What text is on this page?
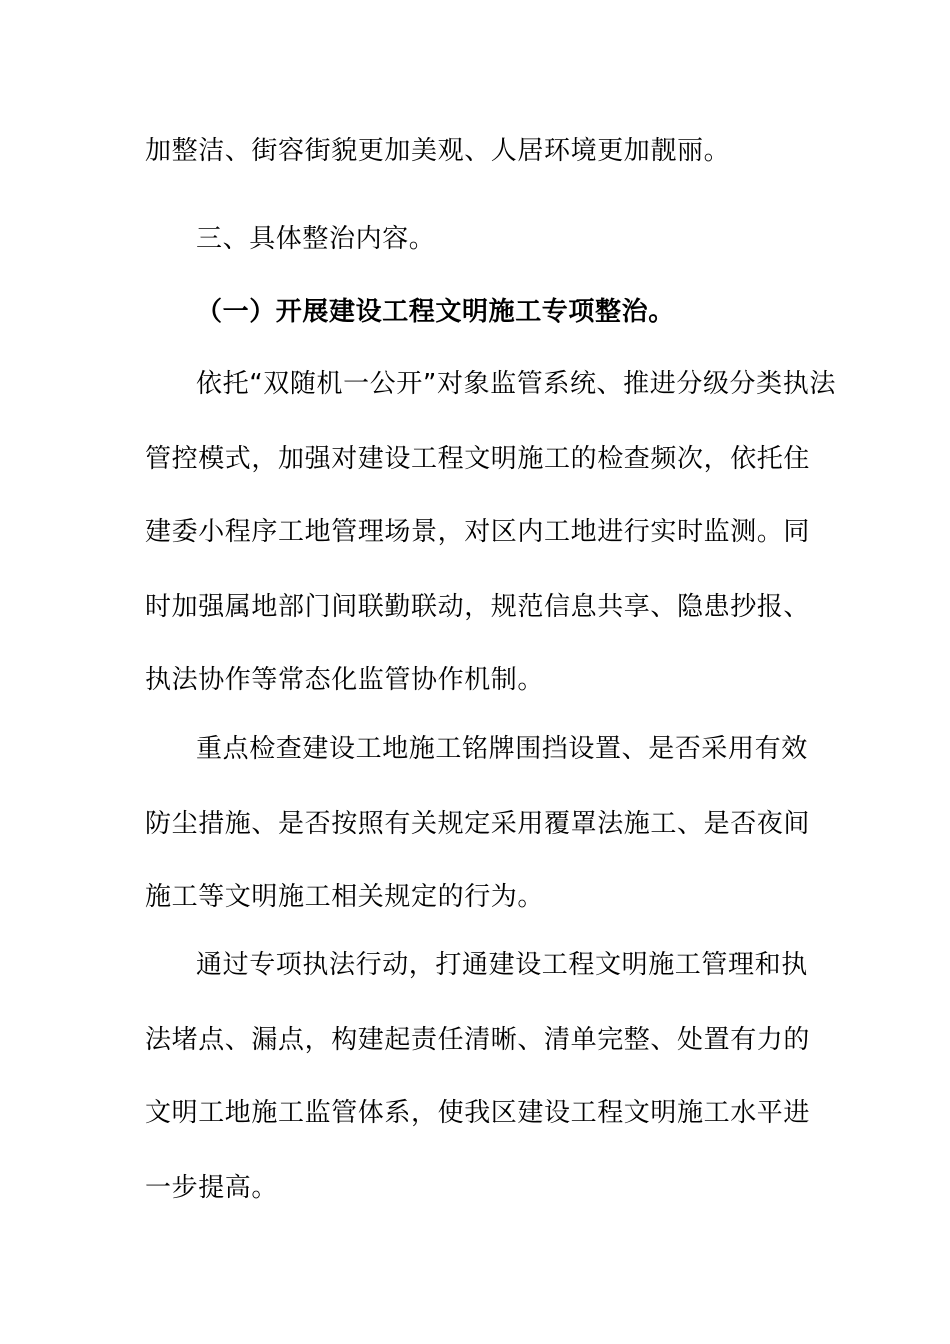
加整洁、街容街貌更加美观、人居环境更加靓丽。
三、具体整治内容。
（一）开展建设工程文明施工专项整治。
依托“双随机一公开”对象监管系统、推进分级分类执法
管控模式，加强对建设工程文明施工的检查频次，依托住
建委小程序工地管理场景，对区内工地进行实时监测。同
时加强属地部门间联勤联动，规范信息共享、隐患抄报、
执法协作等常态化监管协作机制。
重点检查建设工地施工铭牌围挡设置、是否采用有效
防尘措施、是否按照有关规定采用覆罩法施工、是否夜间
施工等文明施工相关规定的行为。
通过专项执法行动，打通建设工程文明施工管理和执
法堵点、漏点，构建起责任清晰、清单完整、处置有力的
文明工地施工监管体系，使我区建设工程文明施工水平进
一步提高。
